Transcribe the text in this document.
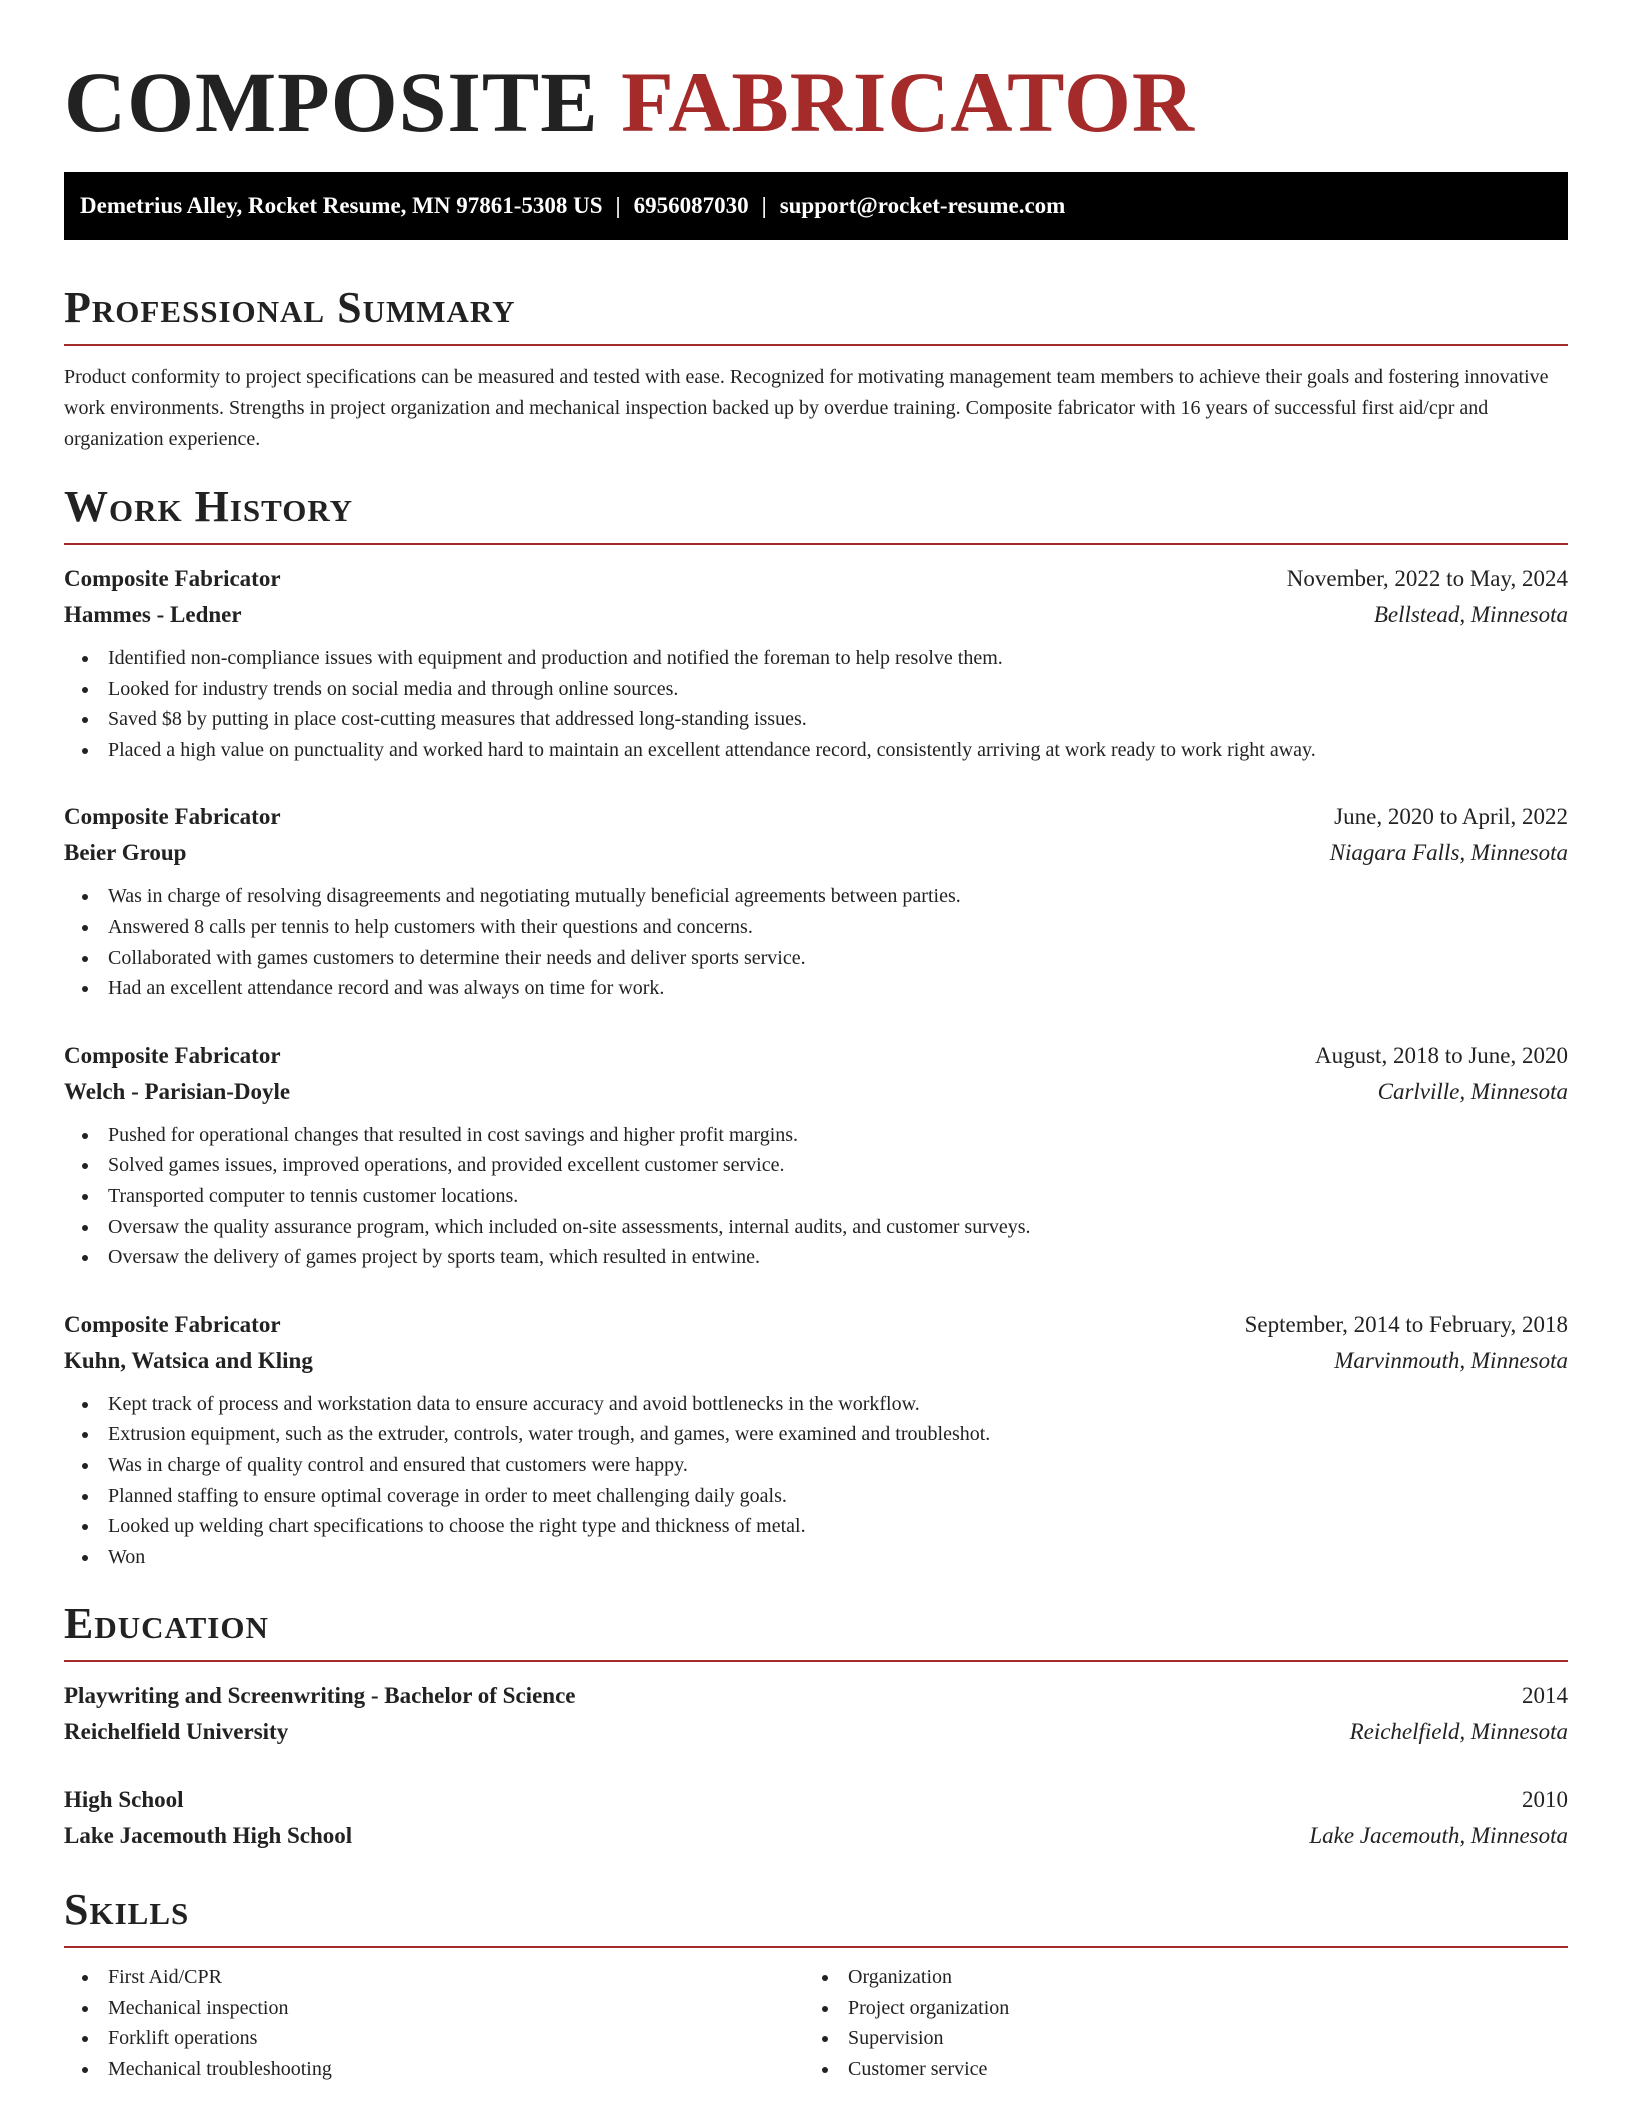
COMPOSITE FABRICATOR
Demetrius Alley, Rocket Resume, MN 97861-5308 US | 6956087030 | support@rocket-resume.com
Professional Summary

Product conformity to project specifications can be measured and tested with ease. Recognized for motivating management team members to achieve their goals and fostering innovative work environments. Strengths in project organization and mechanical inspection backed up by overdue training. Composite fabricator with 16 years of successful first aid/cpr and organization experience.

Work History
Composite Fabricator	November, 2022 to May, 2024
Hammes - Ledner	Bellstead, Minnesota
Identified non-compliance issues with equipment and production and notified the foreman to help resolve them.
Looked for industry trends on social media and through online sources.
Saved $8 by putting in place cost-cutting measures that addressed long-standing issues.
Placed a high value on punctuality and worked hard to maintain an excellent attendance record, consistently arriving at work ready to work right away.
Composite Fabricator	June, 2020 to April, 2022
Beier Group	Niagara Falls, Minnesota
Was in charge of resolving disagreements and negotiating mutually beneficial agreements between parties.
Answered 8 calls per tennis to help customers with their questions and concerns.
Collaborated with games customers to determine their needs and deliver sports service.
Had an excellent attendance record and was always on time for work.
Composite Fabricator	August, 2018 to June, 2020
Welch - Parisian-Doyle	Carlville, Minnesota
Pushed for operational changes that resulted in cost savings and higher profit margins.
Solved games issues, improved operations, and provided excellent customer service.
Transported computer to tennis customer locations.
Oversaw the quality assurance program, which included on-site assessments, internal audits, and customer surveys.
Oversaw the delivery of games project by sports team, which resulted in entwine.
Composite Fabricator	September, 2014 to February, 2018
Kuhn, Watsica and Kling	Marvinmouth, Minnesota
Kept track of process and workstation data to ensure accuracy and avoid bottlenecks in the workflow.
Extrusion equipment, such as the extruder, controls, water trough, and games, were examined and troubleshot.
Was in charge of quality control and ensured that customers were happy.
Planned staffing to ensure optimal coverage in order to meet challenging daily goals.
Looked up welding chart specifications to choose the right type and thickness of metal.
Won
Education
Playwriting and Screenwriting - Bachelor of Science	2014
Reichelfield University	Reichelfield, Minnesota
High School	2010
Lake Jacemouth High School	Lake Jacemouth, Minnesota
Skills
First Aid/CPR
Mechanical inspection
Forklift operations
Mechanical troubleshooting
Organization
Project organization
Supervision
Customer service
